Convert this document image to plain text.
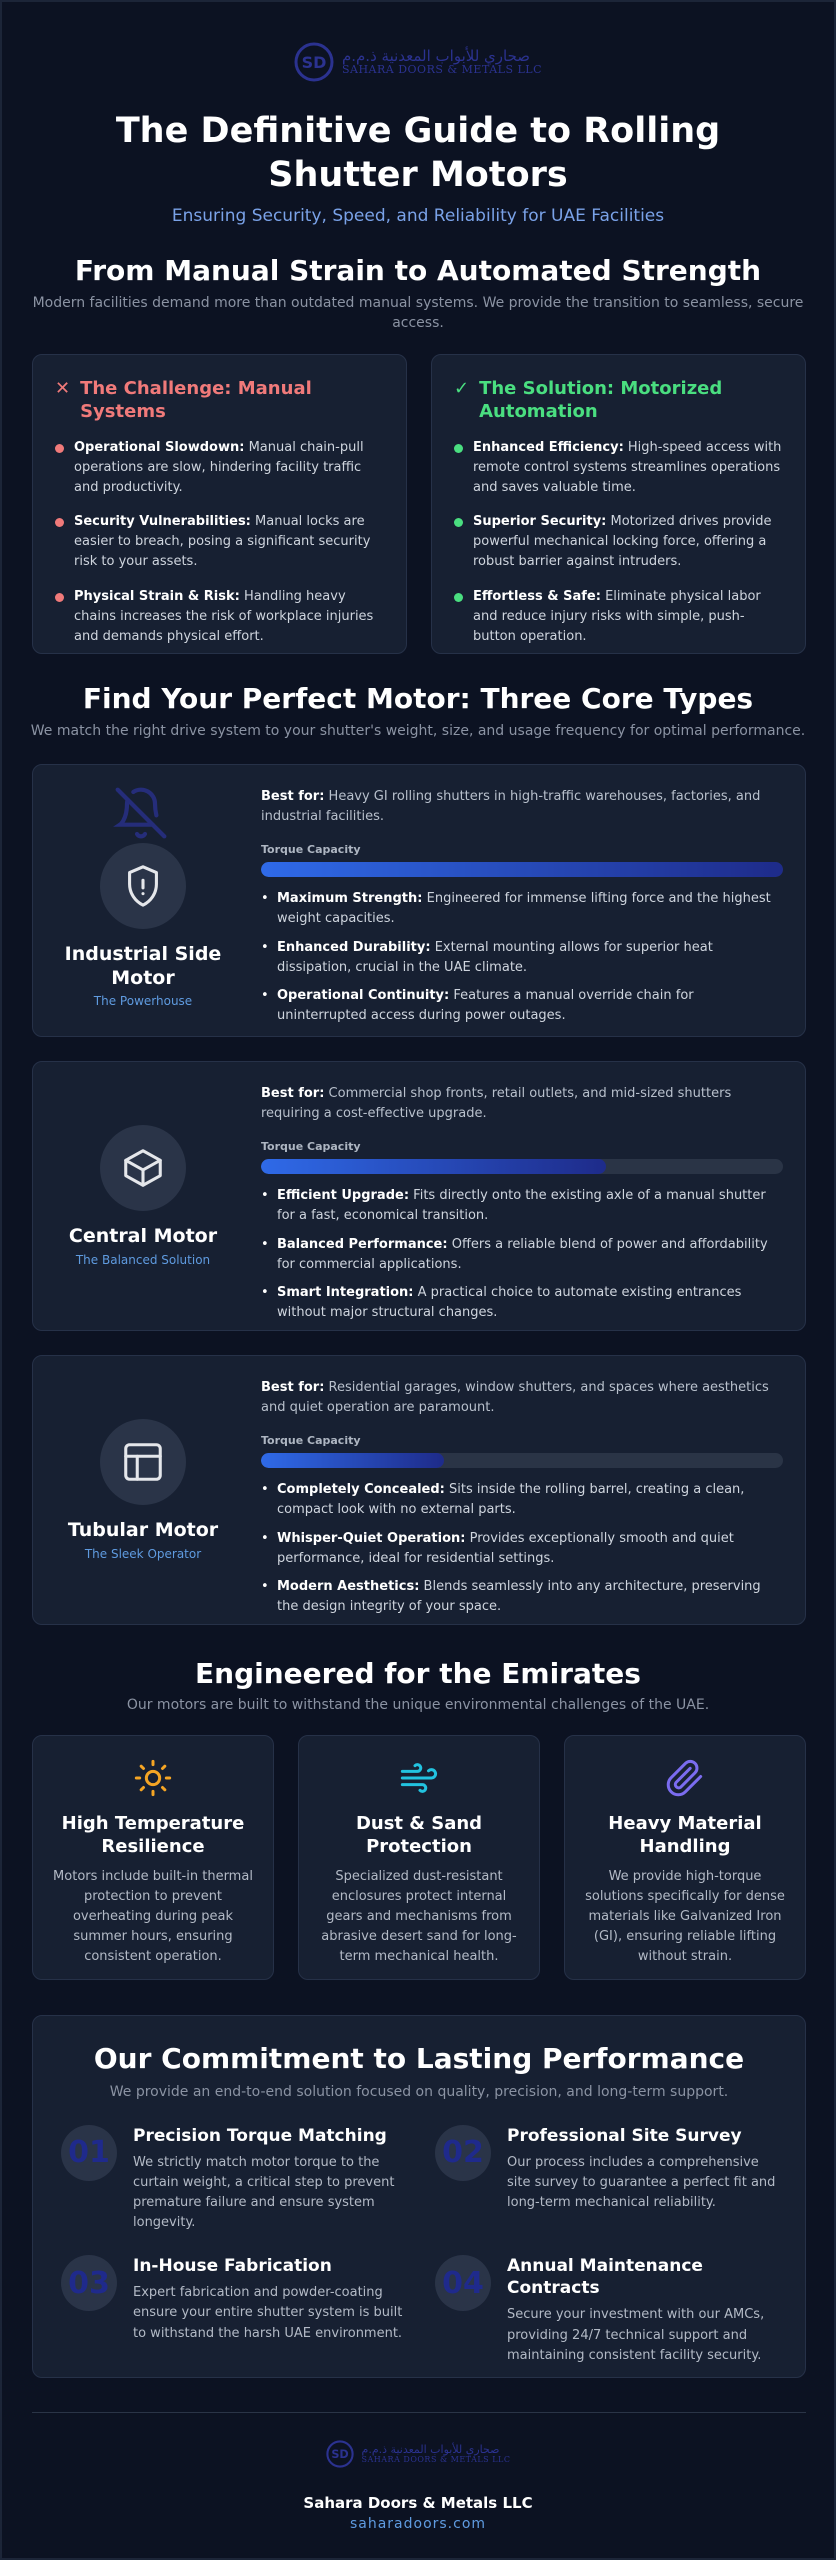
SD صحاري للأبواب المعدنية ذ.م.م
SAHARA DOORS & METALS LLC
The Definitive Guide to Rolling Shutter Motors
Ensuring Security, Speed, and Reliability for UAE Facilities
From Manual Strain to Automated Strength
Modern facilities demand more than outdated manual systems. We provide the transition to seamless, secure access.
✕ The Challenge: Manual Systems
Operational Slowdown: Manual chain-pull operations are slow, hindering facility traffic and productivity.
Security Vulnerabilities: Manual locks are easier to breach, posing a significant security risk to your assets.
Physical Strain & Risk: Handling heavy chains increases the risk of workplace injuries and demands physical effort.
✓ The Solution: Motorized Automation
Enhanced Efficiency: High-speed access with remote control systems streamlines operations and saves valuable time.
Superior Security: Motorized drives provide powerful mechanical locking force, offering a robust barrier against intruders.
Effortless & Safe: Eliminate physical labor and reduce injury risks with simple, push-button operation.
Find Your Perfect Motor: Three Core Types
We match the right drive system to your shutter's weight, size, and usage frequency for optimal performance.
Industrial Side Motor
The Powerhouse
Best for: Heavy GI rolling shutters in high-traffic warehouses, factories, and industrial facilities.
Torque Capacity
• Maximum Strength: Engineered for immense lifting force and the highest weight capacities.
• Enhanced Durability: External mounting allows for superior heat dissipation, crucial in the UAE climate.
• Operational Continuity: Features a manual override chain for uninterrupted access during power outages.
Central Motor
The Balanced Solution
Best for: Commercial shop fronts, retail outlets, and mid-sized shutters requiring a cost-effective upgrade.
Torque Capacity
• Efficient Upgrade: Fits directly onto the existing axle of a manual shutter for a fast, economical transition.
• Balanced Performance: Offers a reliable blend of power and affordability for commercial applications.
• Smart Integration: A practical choice to automate existing entrances without major structural changes.
Tubular Motor
The Sleek Operator
Best for: Residential garages, window shutters, and spaces where aesthetics and quiet operation are paramount.
Torque Capacity
• Completely Concealed: Sits inside the rolling barrel, creating a clean, compact look with no external parts.
• Whisper-Quiet Operation: Provides exceptionally smooth and quiet performance, ideal for residential settings.
• Modern Aesthetics: Blends seamlessly into any architecture, preserving the design integrity of your space.
Engineered for the Emirates
Our motors are built to withstand the unique environmental challenges of the UAE.
High Temperature Resilience
Motors include built-in thermal protection to prevent overheating during peak summer hours, ensuring consistent operation.
Dust & Sand Protection
Specialized dust-resistant enclosures protect internal gears and mechanisms from abrasive desert sand for long-term mechanical health.
Heavy Material Handling
We provide high-torque solutions specifically for dense materials like Galvanized Iron (GI), ensuring reliable lifting without strain.
Our Commitment to Lasting Performance
We provide an end-to-end solution focused on quality, precision, and long-term support.
01	Precision Torque Matching
We strictly match motor torque to the curtain weight, a critical step to prevent premature failure and ensure system longevity.
02	Professional Site Survey
Our process includes a comprehensive site survey to guarantee a perfect fit and long-term mechanical reliability.
03	In-House Fabrication
Expert fabrication and powder-coating ensure your entire shutter system is built to withstand the harsh UAE environment.
04	Annual Maintenance Contracts
Secure your investment with our AMCs, providing 24/7 technical support and maintaining consistent facility security.
SD صحاري للأبواب المعدنية ذ.م.م
SAHARA DOORS & METALS LLC
Sahara Doors & Metals LLC
saharadoors.com
